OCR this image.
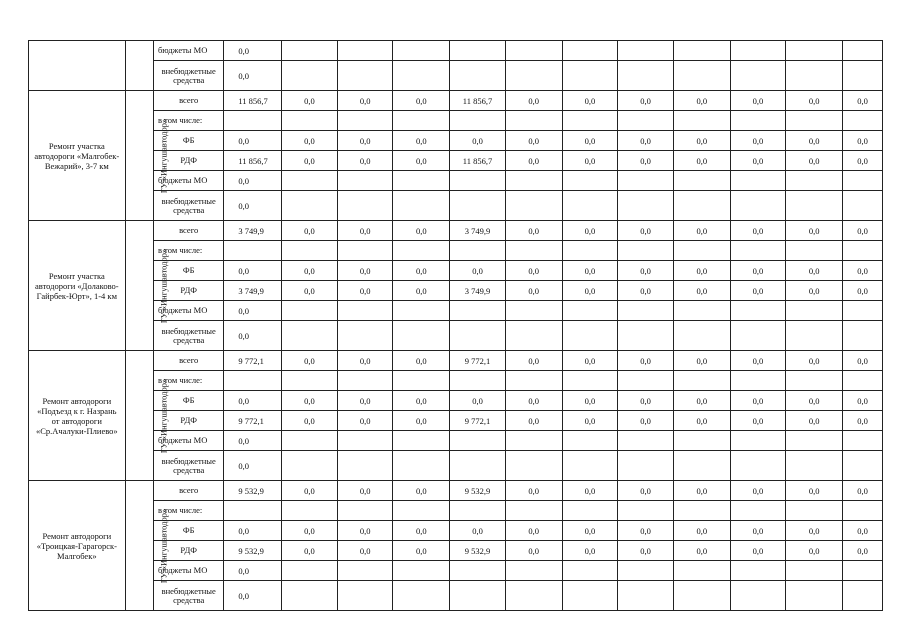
		бюджеты МО	0,0											
		внебюджетные средства	0,0											
Ремонт участка автодороги «Малгобек-Вежарий», 3-7 км	ГУ «Ингушавтодор»	всего	11 856,7	0,0	0,0	0,0	11 856,7	0,0	0,0	0,0	0,0	0,0	0,0	0,0
		в том числе:												
		ФБ	0,0	0,0	0,0	0,0	0,0	0,0	0,0	0,0	0,0	0,0	0,0	0,0
		РДФ	11 856,7	0,0	0,0	0,0	11 856,7	0,0	0,0	0,0	0,0	0,0	0,0	0,0
		бюджеты МО	0,0											
		внебюджетные средства	0,0											
Ремонт участка автодороги «Долаково-Гайрбек-Юрт», 1-4 км	ГУ «Ингушавтодор»	всего	3 749,9	0,0	0,0	0,0	3 749,9	0,0	0,0	0,0	0,0	0,0	0,0	0,0
		в том числе:												
		ФБ	0,0	0,0	0,0	0,0	0,0	0,0	0,0	0,0	0,0	0,0	0,0	0,0
		РДФ	3 749,9	0,0	0,0	0,0	3 749,9	0,0	0,0	0,0	0,0	0,0	0,0	0,0
		бюджеты МО	0,0											
		внебюджетные средства	0,0											
Ремонт автодороги «Подъезд к г. Назрань от автодороги «Ср.Ачалуки-Плиево»	ГУ «Ингушавтодор»	всего	9 772,1	0,0	0,0	0,0	9 772,1	0,0	0,0	0,0	0,0	0,0	0,0	0,0
		в том числе:												
		ФБ	0,0	0,0	0,0	0,0	0,0	0,0	0,0	0,0	0,0	0,0	0,0	0,0
		РДФ	9 772,1	0,0	0,0	0,0	9 772,1	0,0	0,0	0,0	0,0	0,0	0,0	0,0
		бюджеты МО	0,0											
		внебюджетные средства	0,0											
Ремонт автодороги «Троицкая-Гарагорск-Малгобек»	ГУ «Ингушавтодор»	всего	9 532,9	0,0	0,0	0,0	9 532,9	0,0	0,0	0,0	0,0	0,0	0,0	0,0
		в том числе:												
		ФБ	0,0	0,0	0,0	0,0	0,0	0,0	0,0	0,0	0,0	0,0	0,0	0,0
		РДФ	9 532,9	0,0	0,0	0,0	9 532,9	0,0	0,0	0,0	0,0	0,0	0,0	0,0
		бюджеты МО	0,0											
		внебюджетные средства	0,0											
